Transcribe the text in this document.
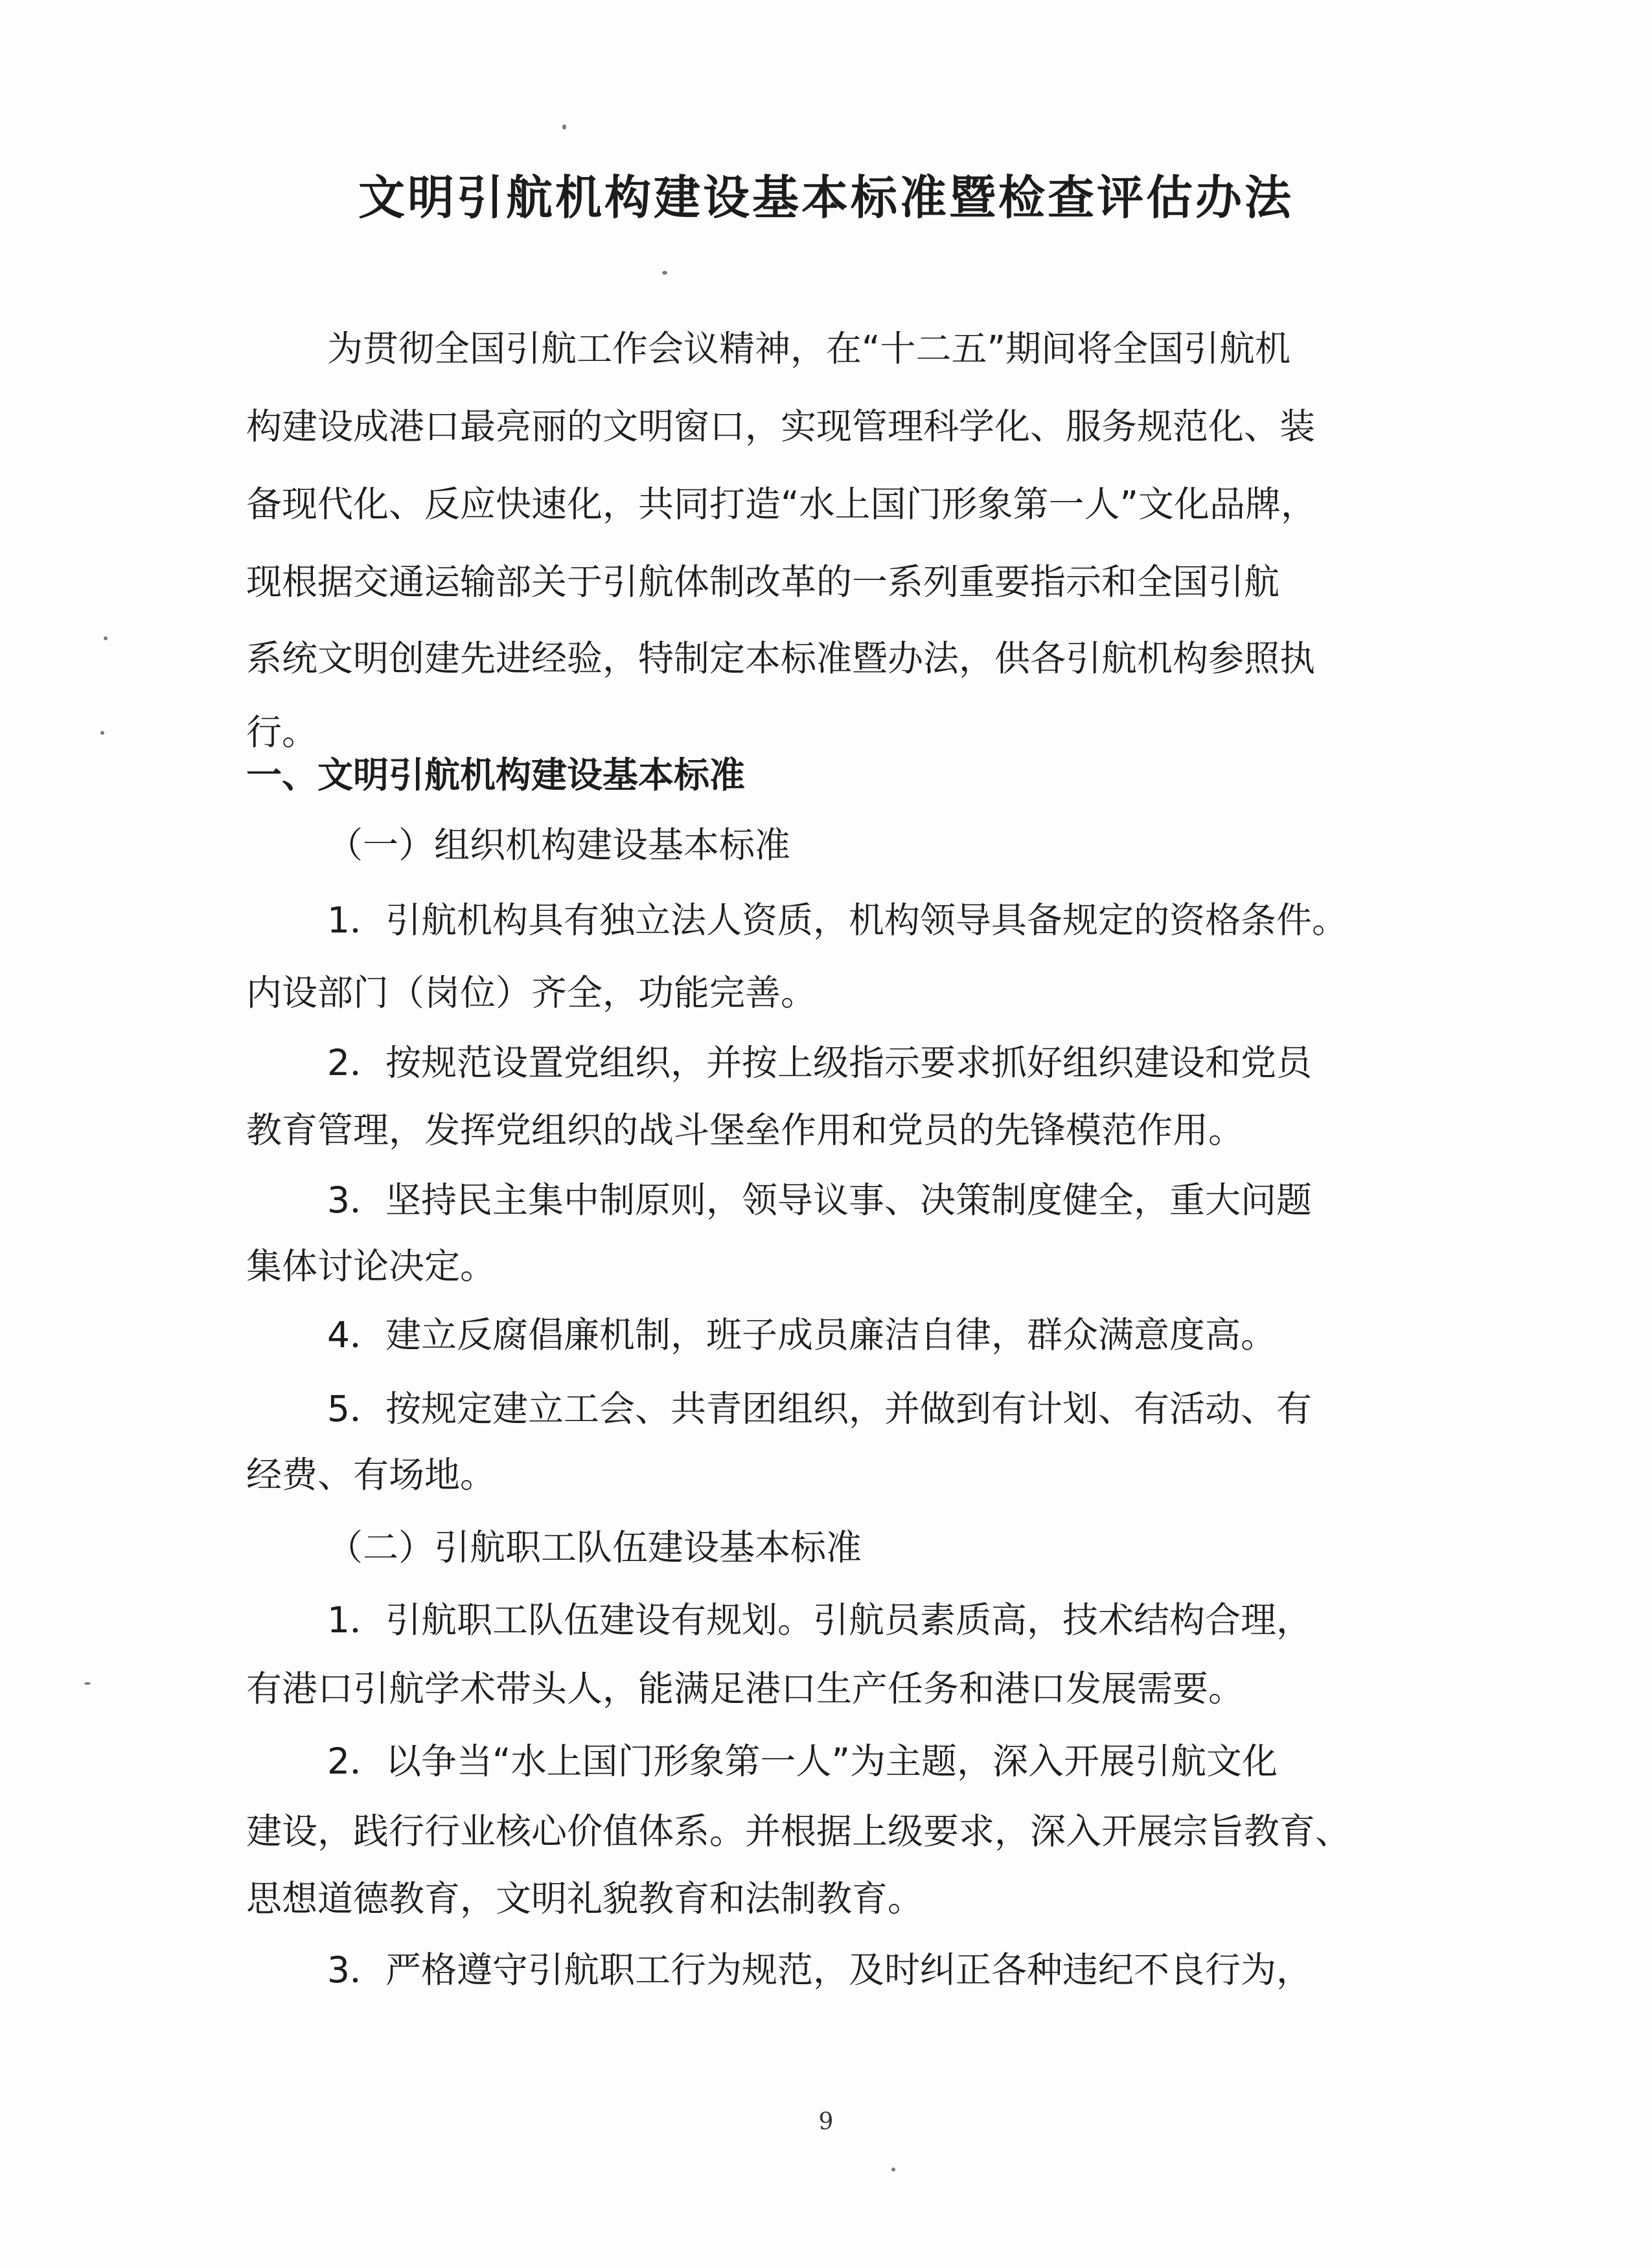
文明引航机构建设基本标准暨检查评估办法
为贯彻全国引航工作会议精神，在“十二五”期间将全国引航机
构建设成港口最亮丽的文明窗口，实现管理科学化、服务规范化、装
备现代化、反应快速化，共同打造“水上国门形象第一人”文化品牌，
现根据交通运输部关于引航体制改革的一系列重要指示和全国引航
系统文明创建先进经验，特制定本标准暨办法，供各引航机构参照执
行。
一、文明引航机构建设基本标准
（一）组织机构建设基本标准
1．引航机构具有独立法人资质，机构领导具备规定的资格条件。
内设部门（岗位）齐全，功能完善。
2．按规范设置党组织，并按上级指示要求抓好组织建设和党员
教育管理，发挥党组织的战斗堡垒作用和党员的先锋模范作用。
3．坚持民主集中制原则，领导议事、决策制度健全，重大问题
集体讨论决定。
4．建立反腐倡廉机制，班子成员廉洁自律，群众满意度高。
5．按规定建立工会、共青团组织，并做到有计划、有活动、有
经费、有场地。
（二）引航职工队伍建设基本标准
1．引航职工队伍建设有规划。引航员素质高，技术结构合理，
有港口引航学术带头人，能满足港口生产任务和港口发展需要。
2．以争当“水上国门形象第一人”为主题，深入开展引航文化
建设，践行行业核心价值体系。并根据上级要求，深入开展宗旨教育、
思想道德教育，文明礼貌教育和法制教育。
3．严格遵守引航职工行为规范，及时纠正各种违纪不良行为，
9
